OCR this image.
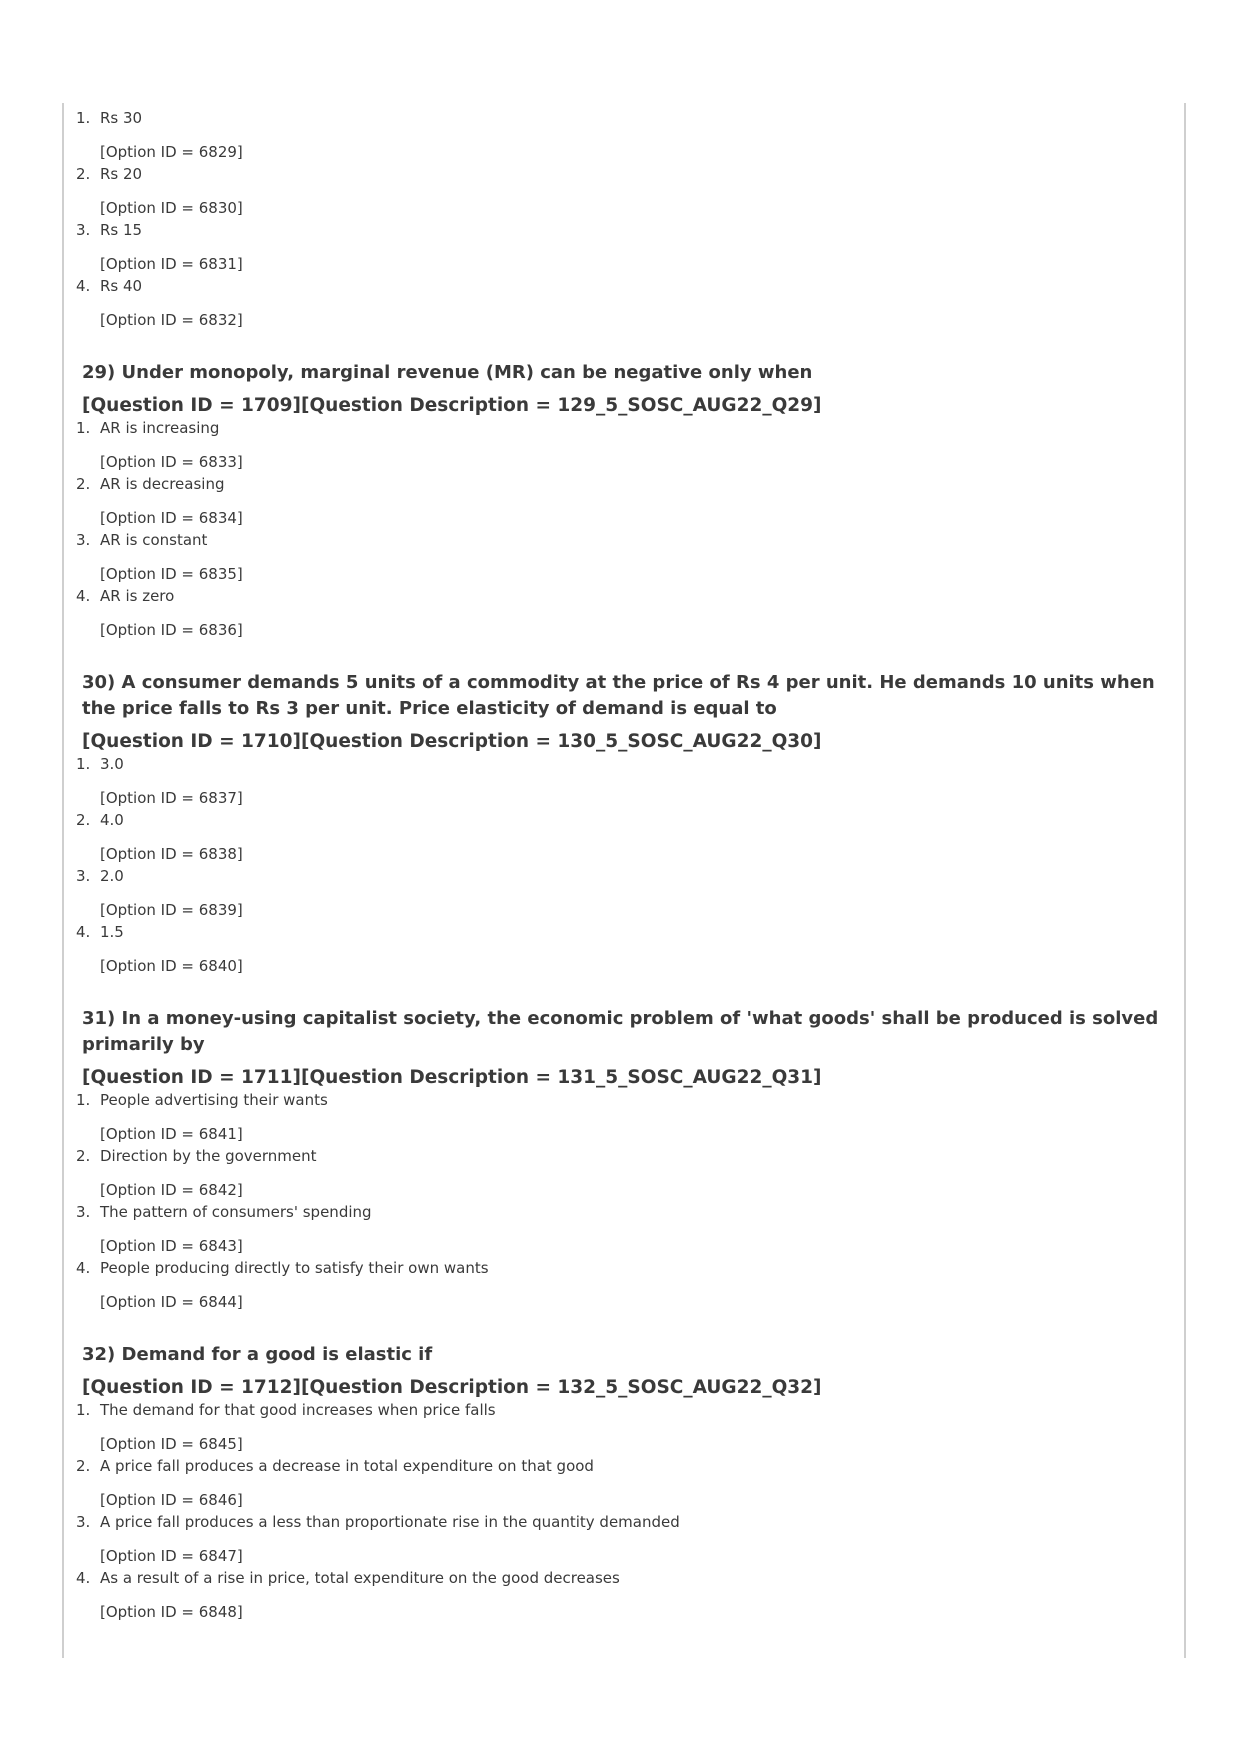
1. Rs 30
[Option ID = 6829]
2. Rs 20
[Option ID = 6830]
3. Rs 15
[Option ID = 6831]
4. Rs 40
[Option ID = 6832]
29) Under monopoly, marginal revenue (MR) can be negative only when
[Question ID = 1709][Question Description = 129_5_SOSC_AUG22_Q29]
1. AR is increasing
[Option ID = 6833]
2. AR is decreasing
[Option ID = 6834]
3. AR is constant
[Option ID = 6835]
4. AR is zero
[Option ID = 6836]
30) A consumer demands 5 units of a commodity at the price of Rs 4 per unit. He demands 10 units when the price falls to Rs 3 per unit. Price elasticity of demand is equal to
[Question ID = 1710][Question Description = 130_5_SOSC_AUG22_Q30]
1. 3.0
[Option ID = 6837]
2. 4.0
[Option ID = 6838]
3. 2.0
[Option ID = 6839]
4. 1.5
[Option ID = 6840]
31) In a money-using capitalist society, the economic problem of 'what goods' shall be produced is solved primarily by
[Question ID = 1711][Question Description = 131_5_SOSC_AUG22_Q31]
1. People advertising their wants
[Option ID = 6841]
2. Direction by the government
[Option ID = 6842]
3. The pattern of consumers' spending
[Option ID = 6843]
4. People producing directly to satisfy their own wants
[Option ID = 6844]
32) Demand for a good is elastic if
[Question ID = 1712][Question Description = 132_5_SOSC_AUG22_Q32]
1. The demand for that good increases when price falls
[Option ID = 6845]
2. A price fall produces a decrease in total expenditure on that good
[Option ID = 6846]
3. A price fall produces a less than proportionate rise in the quantity demanded
[Option ID = 6847]
4. As a result of a rise in price, total expenditure on the good decreases
[Option ID = 6848]
